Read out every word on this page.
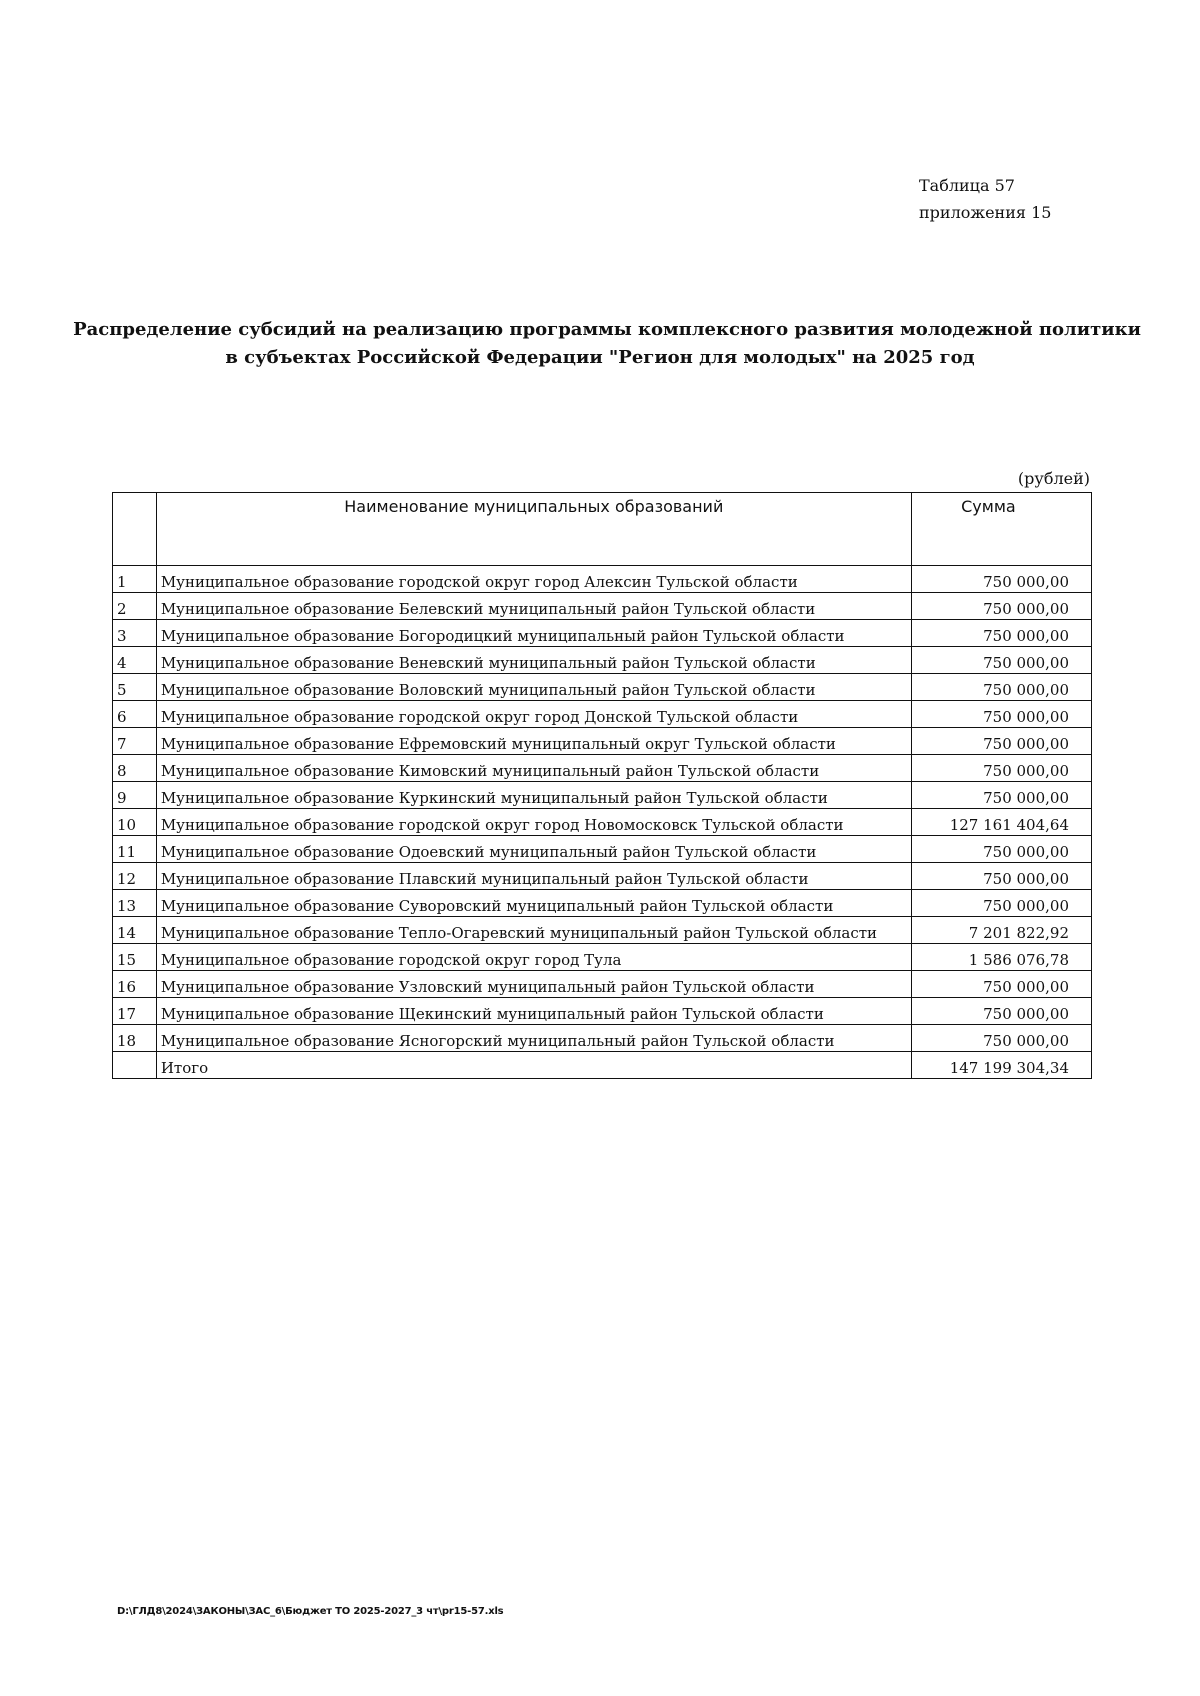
Таблица 57
приложения 15
Распределение субсидий на реализацию программы комплексного развития молодежной политики
в субъектах Российской Федерации "Регион для молодых" на 2025 год
(рублей)
	Наименование муниципальных образований	Сумма
1	Муниципальное образование городской округ город Алексин Тульской области	750 000,00
2	Муниципальное образование Белевский муниципальный район Тульской области	750 000,00
3	Муниципальное образование Богородицкий муниципальный район Тульской области	750 000,00
4	Муниципальное образование Веневский муниципальный район Тульской области	750 000,00
5	Муниципальное образование Воловский муниципальный район Тульской области	750 000,00
6	Муниципальное образование городской округ город Донской Тульской области	750 000,00
7	Муниципальное образование Ефремовский муниципальный округ Тульской области	750 000,00
8	Муниципальное образование Кимовский муниципальный район Тульской области	750 000,00
9	Муниципальное образование Куркинский муниципальный район Тульской области	750 000,00
10	Муниципальное образование городской округ город Новомосковск Тульской области	127 161 404,64
11	Муниципальное образование Одоевский муниципальный район Тульской области	750 000,00
12	Муниципальное образование Плавский муниципальный район Тульской области	750 000,00
13	Муниципальное образование Суворовский муниципальный район Тульской области	750 000,00
14	Муниципальное образование Тепло-Огаревский муниципальный район Тульской области	7 201 822,92
15	Муниципальное образование городской округ город Тула	1 586 076,78
16	Муниципальное образование Узловский муниципальный район Тульской области	750 000,00
17	Муниципальное образование Щекинский муниципальный район Тульской области	750 000,00
18	Муниципальное образование Ясногорский муниципальный район Тульской области	750 000,00
	Итого	147 199 304,34
D:\ГЛД8\2024\ЗАКОНЫ\ЗАС_6\Бюджет ТО 2025-2027_3 чт\pr15-57.xls
